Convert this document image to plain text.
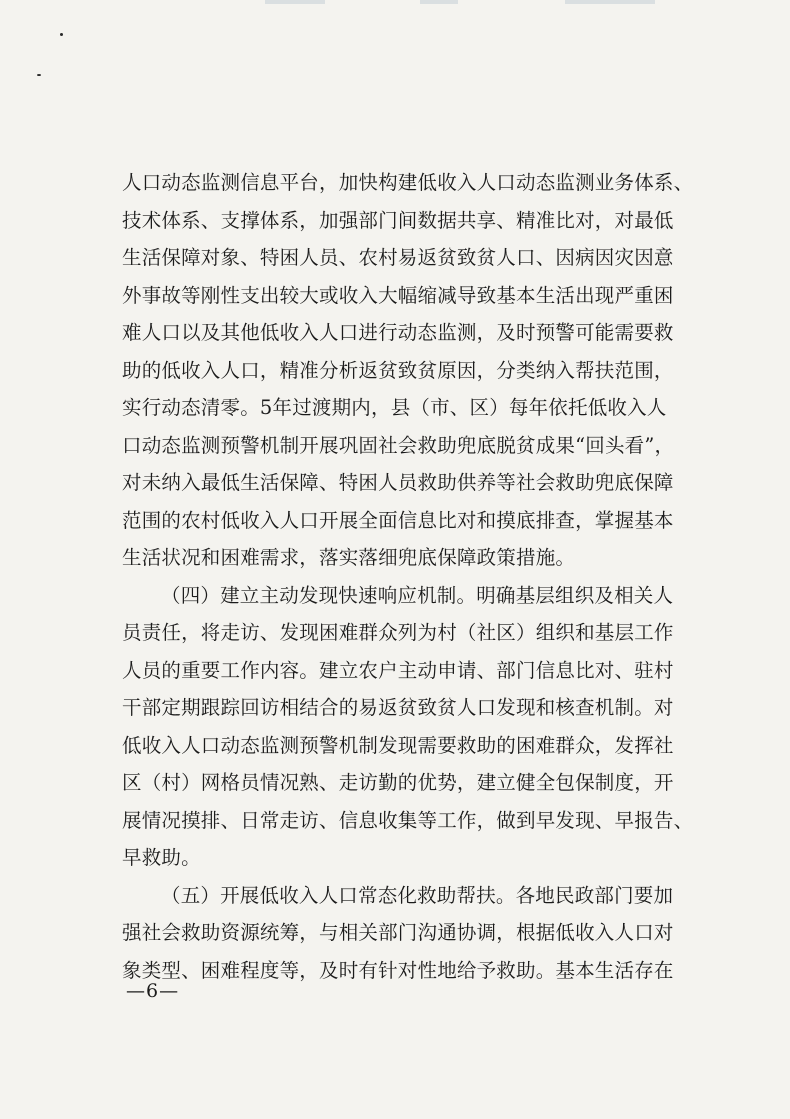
人口动态监测信息平台，加快构建低收入人口动态监测业务体系、
技术体系、支撑体系，加强部门间数据共享、精准比对，对最低
生活保障对象、特困人员、农村易返贫致贫人口、因病因灾因意
外事故等刚性支出较大或收入大幅缩减导致基本生活出现严重困
难人口以及其他低收入人口进行动态监测，及时预警可能需要救
助的低收入人口，精准分析返贫致贫原因，分类纳入帮扶范围，
实行动态清零。5年过渡期内，县（市、区）每年依托低收入人
口动态监测预警机制开展巩固社会救助兜底脱贫成果“回头看”，
对未纳入最低生活保障、特困人员救助供养等社会救助兜底保障
范围的农村低收入人口开展全面信息比对和摸底排查，掌握基本
生活状况和困难需求，落实落细兜底保障政策措施。
（四）建立主动发现快速响应机制。明确基层组织及相关人
员责任，将走访、发现困难群众列为村（社区）组织和基层工作
人员的重要工作内容。建立农户主动申请、部门信息比对、驻村
干部定期跟踪回访相结合的易返贫致贫人口发现和核查机制。对
低收入人口动态监测预警机制发现需要救助的困难群众，发挥社
区（村）网格员情况熟、走访勤的优势，建立健全包保制度，开
展情况摸排、日常走访、信息收集等工作，做到早发现、早报告、
早救助。
（五）开展低收入人口常态化救助帮扶。各地民政部门要加
强社会救助资源统筹，与相关部门沟通协调，根据低收入人口对
象类型、困难程度等，及时有针对性地给予救助。基本生活存在
—6—
